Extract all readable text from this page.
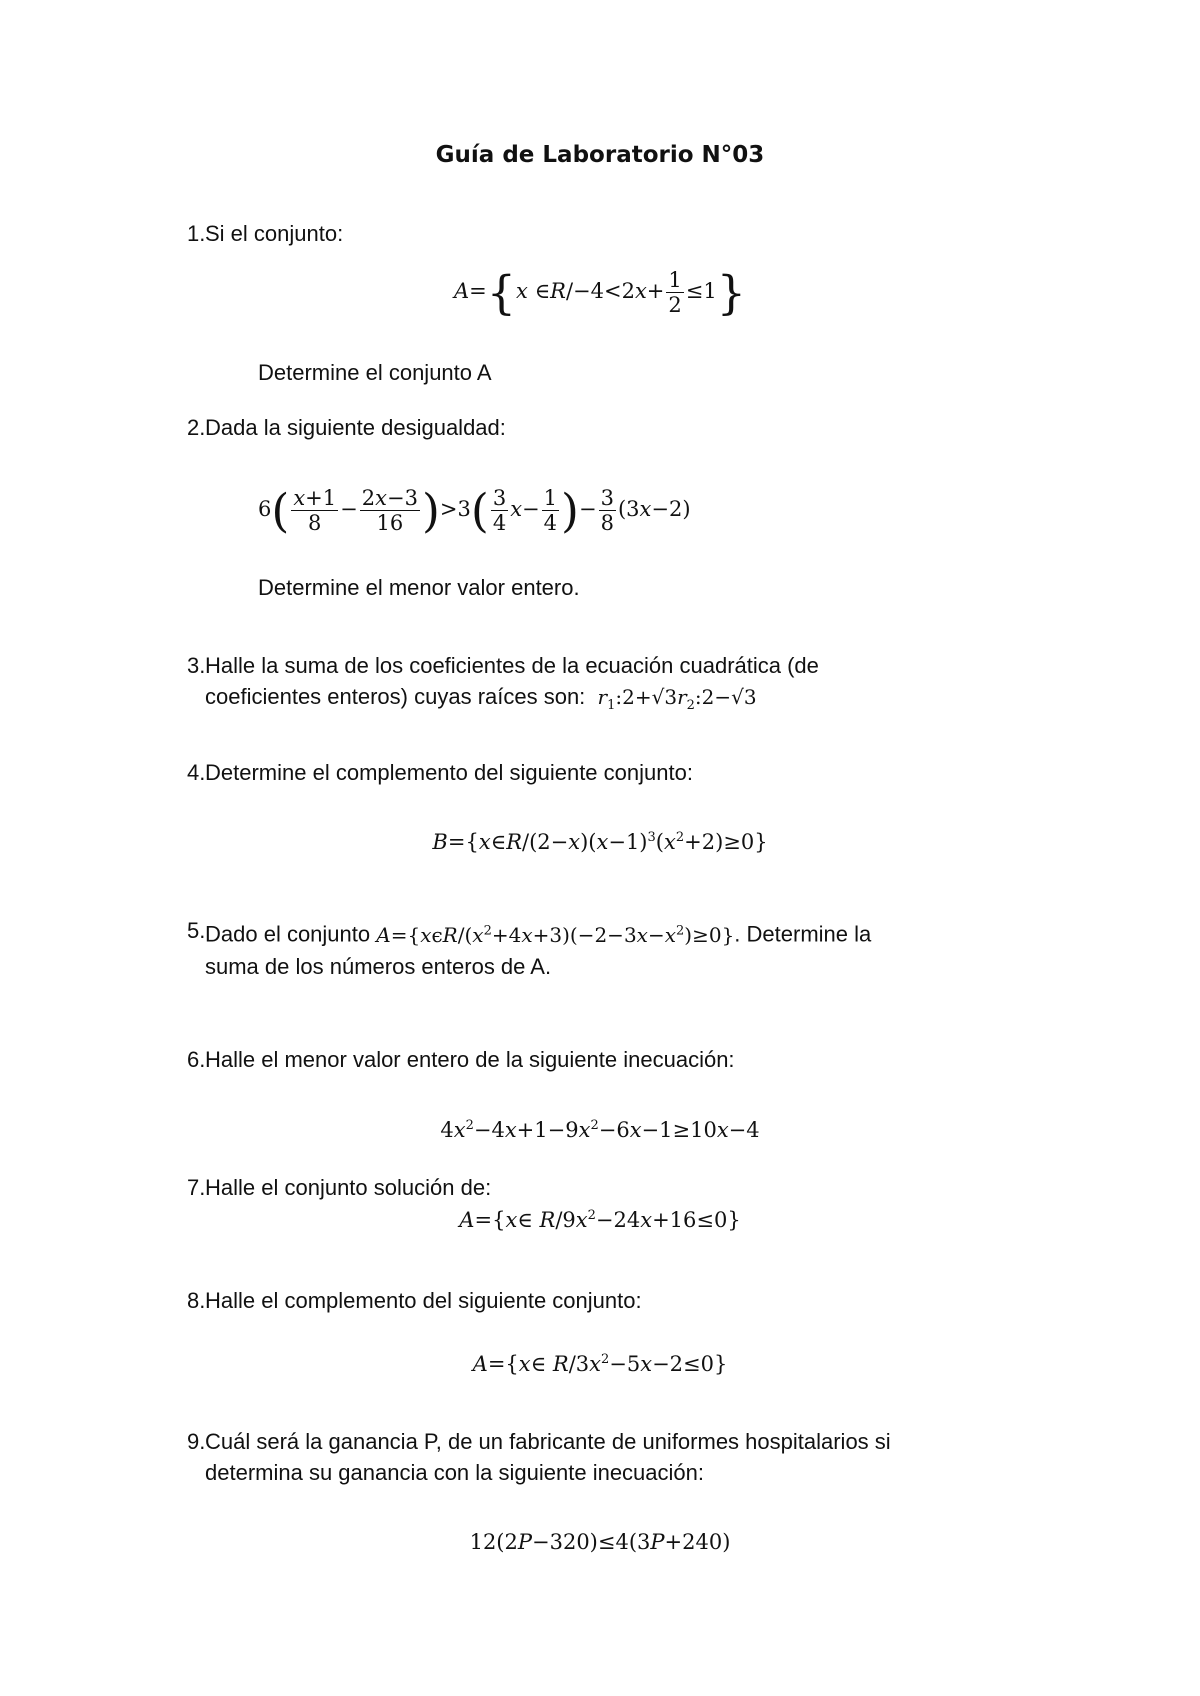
Guía de Laboratorio N°03
1. Si el conjunto:
A={x ∈R/−4<2x+ $\frac{1}{2} \le 1$}
Determine el conjunto A
2. Dada la siguiente desigualdad:
$6( \frac{x+1}{8} - \frac{2x-3}{16} )>3( \frac{3}{4} x- \frac{1}{4}$ )− $\frac{3}{8} (3x-2)$
Determine el menor valor entero.
3. Halle la suma de los coeficientes de la ecuación cuadrática (de
coeficientes enteros) cuyas raíces son: $r_1:2+√3r_2:2-√3$
4. Determine el complemento del siguiente conjunto:
$B=\{x\in R/(2-x)(x-1)^3(x^2+2)\ge 0\}$
5. Dado el conjunto $A=\{x\epsilon R/(x^2+4x+3)(-2-3x-x^2)\ge 0\}$. Determine la
suma de los números enteros de A.
6. Halle el menor valor entero de la siguiente inecuación:
$4x^2-4x+1-9x^2-6x-1\ge 10x-4$
7. Halle el conjunto solución de:
A={x∈ $R/9x^2-24x+16\le 0$}
8. Halle el complemento del siguiente conjunto:
A={x∈ $R/3x^2-5x-2\le 0$}
9. Cuál será la ganancia P, de un fabricante de uniformes hospitalarios si
determina su ganancia con la siguiente inecuación:
12(2P−320)≤4(3P+240)
